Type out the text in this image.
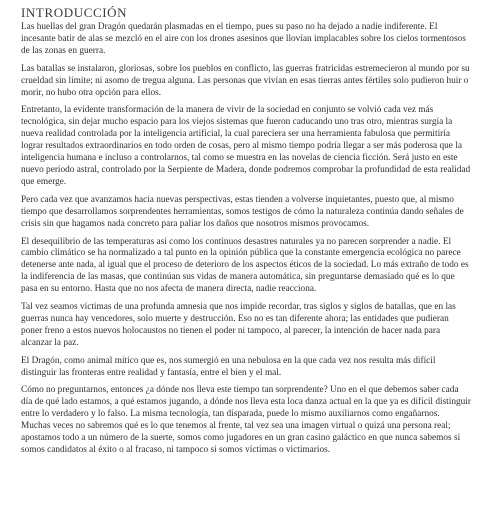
INTRODUCCIÓN

Las huellas del gran Dragón quedarán plasmadas en el tiempo, pues su paso no ha dejado a nadie indiferente. El incesante batir de alas se mezcló en el aire con los drones asesinos que llovían implacables sobre los cielos tormentosos de las zonas en guerra.

Las batallas se instalaron, gloriosas, sobre los pueblos en conflicto, las guerras fratricidas estremecieron al mundo por su crueldad sin límite; ni asomo de tregua alguna. Las personas que vivían en esas tierras antes fértiles solo pudieron huir o morir, no hubo otra opción para ellos.

Entretanto, la evidente transformación de la manera de vivir de la sociedad en conjunto se volvió cada vez más tecnológica, sin dejar mucho espacio para los viejos sistemas que fueron caducando uno tras otro, mientras surgía la nueva realidad controlada por la inteligencia artificial, la cual pareciera ser una herramienta fabulosa que permitiría lograr resultados extraordinarios en todo orden de cosas, pero al mismo tiempo podría llegar a ser más poderosa que la inteligencia humana e incluso a controlarnos, tal como se muestra en las novelas de ciencia ficción. Será justo en este nuevo período astral, controlado por la Serpiente de Madera, donde podremos comprobar la profundidad de esta realidad que emerge.

Pero cada vez que avanzamos hacia nuevas perspectivas, estas tienden a volverse inquietantes, puesto que, al mismo tiempo que desarrollamos sorprendentes herramientas, somos testigos de cómo la naturaleza continúa dando señales de crisis sin que hagamos nada concreto para paliar los daños que nosotros mismos provocamos.

El desequilibrio de las temperaturas así como los continuos desastres naturales ya no parecen sorprender a nadie. El cambio climático se ha normalizado a tal punto en la opinión pública que la constante emergencia ecológica no parece detenerse ante nada, al igual que el proceso de deterioro de los aspectos éticos de la sociedad. Lo más extraño de todo es la indiferencia de las masas, que continúan sus vidas de manera automática, sin preguntarse demasiado qué es lo que pasa en su entorno. Hasta que no nos afecta de manera directa, nadie reacciona.

Tal vez seamos víctimas de una profunda amnesia que nos impide recordar, tras siglos y siglos de batallas, que en las guerras nunca hay vencedores, solo muerte y destrucción. Eso no es tan diferente ahora; las entidades que pudieran poner freno a estos nuevos holocaustos no tienen el poder ni tampoco, al parecer, la intención de hacer nada para alcanzar la paz.

El Dragón, como animal mítico que es, nos sumergió en una nebulosa en la que cada vez nos resulta más difícil distinguir las fronteras entre realidad y fantasía, entre el bien y el mal.

Cómo no preguntarnos, entonces ¿a dónde nos lleva este tiempo tan sorprendente? Uno en el que debemos saber cada día de qué lado estamos, a qué estamos jugando, a dónde nos lleva esta loca danza actual en la que ya es difícil distinguir entre lo verdadero y lo falso. La misma tecnología, tan disparada, puede lo mismo auxiliarnos como engañarnos. Muchas veces no sabremos qué es lo que tenemos al frente, tal vez sea una imagen virtual o quizá una persona real; apostamos todo a un número de la suerte, somos como jugadores en un gran casino galáctico en que nunca sabemos si somos candidatos al éxito o al fracaso, ni tampoco si somos víctimas o victimarios.
